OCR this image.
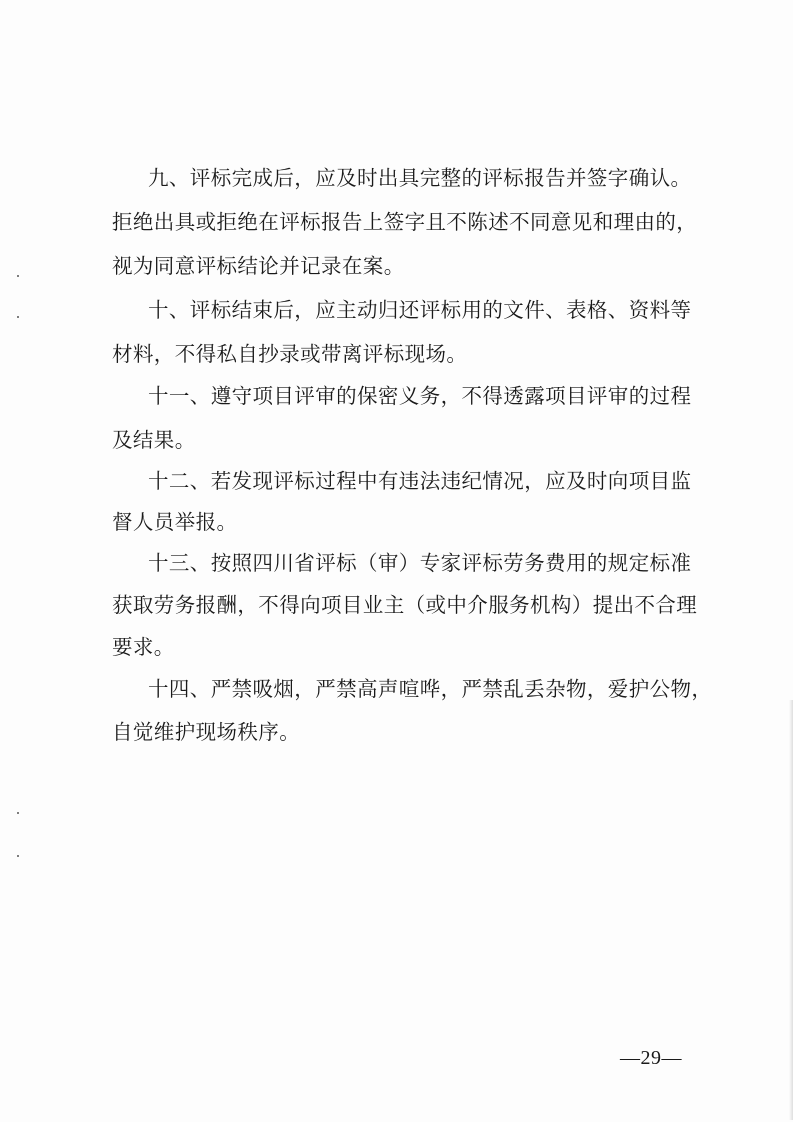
九、评标完成后，应及时出具完整的评标报告并签字确认。
拒绝出具或拒绝在评标报告上签字且不陈述不同意见和理由的，
视为同意评标结论并记录在案。
十、评标结束后，应主动归还评标用的文件、表格、资料等
材料，不得私自抄录或带离评标现场。
十一、遵守项目评审的保密义务，不得透露项目评审的过程
及结果。
十二、若发现评标过程中有违法违纪情况，应及时向项目监
督人员举报。
十三、按照四川省评标（审）专家评标劳务费用的规定标准
获取劳务报酬，不得向项目业主（或中介服务机构）提出不合理
要求。
十四、严禁吸烟，严禁高声喧哗，严禁乱丢杂物，爱护公物，
自觉维护现场秩序。
—29—
